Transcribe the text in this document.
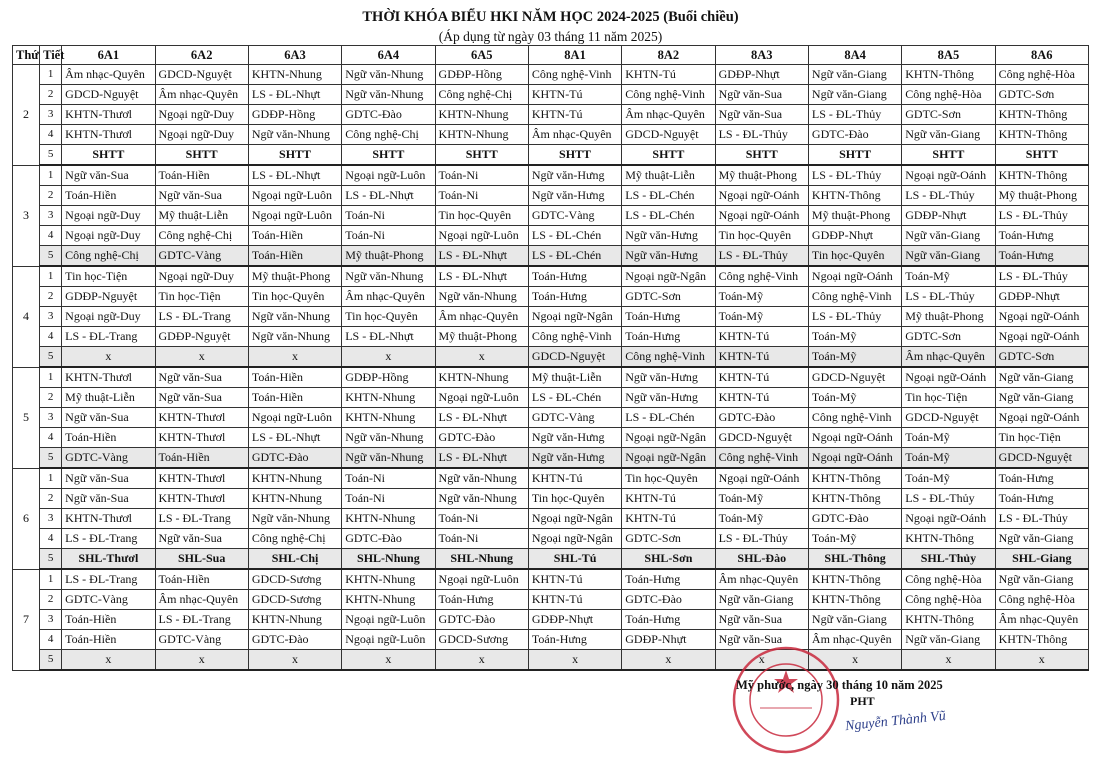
THỜI KHÓA BIỂU HKI NĂM HỌC 2024-2025 (Buổi chiều)
(Áp dụng từ ngày 03 tháng 11 năm 2025)
Thứ	Tiết	6A1	6A2	6A3	6A4	6A5	8A1	8A2	8A3	8A4	8A5	8A6
2	1	Âm nhạc-Quyên	GDCD-Nguyệt	KHTN-Nhung	Ngữ văn-Nhung	GDĐP-Hồng	Công nghệ-Vinh	KHTN-Tú	GDĐP-Nhựt	Ngữ văn-Giang	KHTN-Thông	Công nghệ-Hòa
	2	GDCD-Nguyệt	Âm nhạc-Quyên	LS - ĐL-Nhựt	Ngữ văn-Nhung	Công nghệ-Chị	KHTN-Tú	Công nghệ-Vinh	Ngữ văn-Sua	Ngữ văn-Giang	Công nghệ-Hòa	GDTC-Sơn
	3	KHTN-Thươl	Ngoại ngữ-Duy	GDĐP-Hồng	GDTC-Đào	KHTN-Nhung	KHTN-Tú	Âm nhạc-Quyên	Ngữ văn-Sua	LS - ĐL-Thủy	GDTC-Sơn	KHTN-Thông
	4	KHTN-Thươl	Ngoại ngữ-Duy	Ngữ văn-Nhung	Công nghệ-Chị	KHTN-Nhung	Âm nhạc-Quyên	GDCD-Nguyệt	LS - ĐL-Thủy	GDTC-Đào	Ngữ văn-Giang	KHTN-Thông
	5	SHTT	SHTT	SHTT	SHTT	SHTT	SHTT	SHTT	SHTT	SHTT	SHTT	SHTT
3	1	Ngữ văn-Sua	Toán-Hiền	LS - ĐL-Nhựt	Ngoại ngữ-Luôn	Toán-Ni	Ngữ văn-Hưng	Mỹ thuật-Liễn	Mỹ thuật-Phong	LS - ĐL-Thủy	Ngoại ngữ-Oánh	KHTN-Thông
	2	Toán-Hiền	Ngữ văn-Sua	Ngoại ngữ-Luôn	LS - ĐL-Nhựt	Toán-Ni	Ngữ văn-Hưng	LS - ĐL-Chén	Ngoại ngữ-Oánh	KHTN-Thông	LS - ĐL-Thủy	Mỹ thuật-Phong
	3	Ngoại ngữ-Duy	Mỹ thuật-Liễn	Ngoại ngữ-Luôn	Toán-Ni	Tin học-Quyên	GDTC-Vàng	LS - ĐL-Chén	Ngoại ngữ-Oánh	Mỹ thuật-Phong	GDĐP-Nhựt	LS - ĐL-Thủy
	4	Ngoại ngữ-Duy	Công nghệ-Chị	Toán-Hiền	Toán-Ni	Ngoại ngữ-Luôn	LS - ĐL-Chén	Ngữ văn-Hưng	Tin học-Quyên	GDĐP-Nhựt	Ngữ văn-Giang	Toán-Hưng
	5	Công nghệ-Chị	GDTC-Vàng	Toán-Hiền	Mỹ thuật-Phong	LS - ĐL-Nhựt	LS - ĐL-Chén	Ngữ văn-Hưng	LS - ĐL-Thủy	Tin học-Quyên	Ngữ văn-Giang	Toán-Hưng
4	1	Tin học-Tiện	Ngoại ngữ-Duy	Mỹ thuật-Phong	Ngữ văn-Nhung	LS - ĐL-Nhựt	Toán-Hưng	Ngoại ngữ-Ngân	Công nghệ-Vinh	Ngoại ngữ-Oánh	Toán-Mỹ	LS - ĐL-Thủy
	2	GDĐP-Nguyệt	Tin học-Tiện	Tin học-Quyên	Âm nhạc-Quyên	Ngữ văn-Nhung	Toán-Hưng	GDTC-Sơn	Toán-Mỹ	Công nghệ-Vinh	LS - ĐL-Thủy	GDĐP-Nhựt
	3	Ngoại ngữ-Duy	LS - ĐL-Trang	Ngữ văn-Nhung	Tin học-Quyên	Âm nhạc-Quyên	Ngoại ngữ-Ngân	Toán-Hưng	Toán-Mỹ	LS - ĐL-Thủy	Mỹ thuật-Phong	Ngoại ngữ-Oánh
	4	LS - ĐL-Trang	GDĐP-Nguyệt	Ngữ văn-Nhung	LS - ĐL-Nhựt	Mỹ thuật-Phong	Công nghệ-Vinh	Toán-Hưng	KHTN-Tú	Toán-Mỹ	GDTC-Sơn	Ngoại ngữ-Oánh
	5	x	x	x	x	x	GDCD-Nguyệt	Công nghệ-Vinh	KHTN-Tú	Toán-Mỹ	Âm nhạc-Quyên	GDTC-Sơn
5	1	KHTN-Thươl	Ngữ văn-Sua	Toán-Hiền	GDĐP-Hồng	KHTN-Nhung	Mỹ thuật-Liễn	Ngữ văn-Hưng	KHTN-Tú	GDCD-Nguyệt	Ngoại ngữ-Oánh	Ngữ văn-Giang
	2	Mỹ thuật-Liễn	Ngữ văn-Sua	Toán-Hiền	KHTN-Nhung	Ngoại ngữ-Luôn	LS - ĐL-Chén	Ngữ văn-Hưng	KHTN-Tú	Toán-Mỹ	Tin học-Tiện	Ngữ văn-Giang
	3	Ngữ văn-Sua	KHTN-Thươl	Ngoại ngữ-Luôn	KHTN-Nhung	LS - ĐL-Nhựt	GDTC-Vàng	LS - ĐL-Chén	GDTC-Đào	Công nghệ-Vinh	GDCD-Nguyệt	Ngoại ngữ-Oánh
	4	Toán-Hiền	KHTN-Thươl	LS - ĐL-Nhựt	Ngữ văn-Nhung	GDTC-Đào	Ngữ văn-Hưng	Ngoại ngữ-Ngân	GDCD-Nguyệt	Ngoại ngữ-Oánh	Toán-Mỹ	Tin học-Tiện
	5	GDTC-Vàng	Toán-Hiền	GDTC-Đào	Ngữ văn-Nhung	LS - ĐL-Nhựt	Ngữ văn-Hưng	Ngoại ngữ-Ngân	Công nghệ-Vinh	Ngoại ngữ-Oánh	Toán-Mỹ	GDCD-Nguyệt
6	1	Ngữ văn-Sua	KHTN-Thươl	KHTN-Nhung	Toán-Ni	Ngữ văn-Nhung	KHTN-Tú	Tin học-Quyên	Ngoại ngữ-Oánh	KHTN-Thông	Toán-Mỹ	Toán-Hưng
	2	Ngữ văn-Sua	KHTN-Thươl	KHTN-Nhung	Toán-Ni	Ngữ văn-Nhung	Tin học-Quyên	KHTN-Tú	Toán-Mỹ	KHTN-Thông	LS - ĐL-Thủy	Toán-Hưng
	3	KHTN-Thươl	LS - ĐL-Trang	Ngữ văn-Nhung	KHTN-Nhung	Toán-Ni	Ngoại ngữ-Ngân	KHTN-Tú	Toán-Mỹ	GDTC-Đào	Ngoại ngữ-Oánh	LS - ĐL-Thủy
	4	LS - ĐL-Trang	Ngữ văn-Sua	Công nghệ-Chị	GDTC-Đào	Toán-Ni	Ngoại ngữ-Ngân	GDTC-Sơn	LS - ĐL-Thủy	Toán-Mỹ	KHTN-Thông	Ngữ văn-Giang
	5	SHL-Thươl	SHL-Sua	SHL-Chị	SHL-Nhung	SHL-Nhung	SHL-Tú	SHL-Sơn	SHL-Đào	SHL-Thông	SHL-Thủy	SHL-Giang
7	1	LS - ĐL-Trang	Toán-Hiền	GDCD-Sương	KHTN-Nhung	Ngoại ngữ-Luôn	KHTN-Tú	Toán-Hưng	Âm nhạc-Quyên	KHTN-Thông	Công nghệ-Hòa	Ngữ văn-Giang
	2	GDTC-Vàng	Âm nhạc-Quyên	GDCD-Sương	KHTN-Nhung	Toán-Hưng	KHTN-Tú	GDTC-Đào	Ngữ văn-Giang	KHTN-Thông	Công nghệ-Hòa	Công nghệ-Hòa
	3	Toán-Hiền	LS - ĐL-Trang	KHTN-Nhung	Ngoại ngữ-Luôn	GDTC-Đào	GDĐP-Nhựt	Toán-Hưng	Ngữ văn-Sua	Ngữ văn-Giang	KHTN-Thông	Âm nhạc-Quyên
	4	Toán-Hiền	GDTC-Vàng	GDTC-Đào	Ngoại ngữ-Luôn	GDCD-Sương	Toán-Hưng	GDĐP-Nhựt	Ngữ văn-Sua	Âm nhạc-Quyên	Ngữ văn-Giang	KHTN-Thông
	5	x	x	x	x	x	x	x	x	x	x	x
Mỹ phước, ngày 30 tháng 10 năm 2025
PHT
Nguyễn Thành Vũ
